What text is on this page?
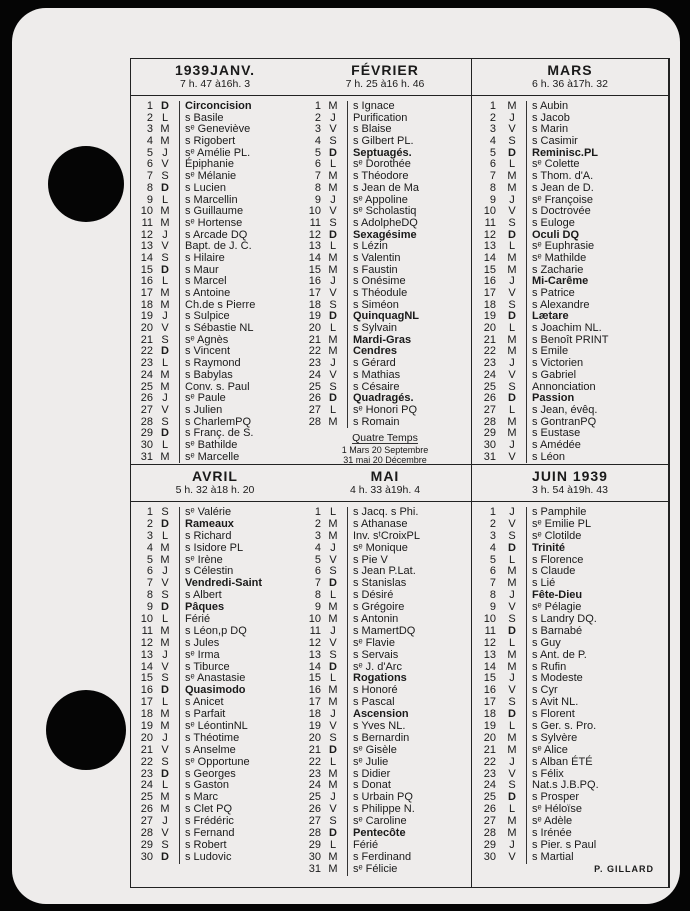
1939JANV.
7 h. 47 à16h. 3
1 D Circoncision
2 L s Basile
3 M sᵉ Geneviève
4 M s Rigobert
5 J sᵉ Amélie PL.
6 V Épiphanie
7 S sᵉ Mélanie
8 D s Lucien
9 L s Marcellin
10 M s Guillaume
11 M sᵉ Hortense
12 J s Arcade DQ
13 V Bapt. de J. C.
14 S s Hilaire
15 D s Maur
16 L s Marcel
17 M s Antoine
18 M Ch.de s Pierre
19 J s Sulpice
20 V s Sébastie NL
21 S sᵉ Agnès
22 D s Vincent
23 L s Raymond
24 M s Babylas
25 M Conv. s. Paul
26 J sᵉ Paule
27 V s Julien
28 S s CharlemPQ
29 D s Franç. de S.
30 L sᵉ Bathilde
31 M sᵉ Marcelle
FÉVRIER
7 h. 25 à16 h. 46
1 M s Ignace
2 J Purification
3 V s Blaise
4 S s Gilbert PL.
5 D Septuagés.
6 L sᵉ Dorothée
7 M s Théodore
8 M s Jean de Ma
9 J sᵉ Appoline
10 V sᵉ Scholastiq
11 S s AdolpheDQ
12 D Sexagésime
13 L s Lézin
14 M s Valentin
15 M s Faustin
16 J s Onésime
17 V s Théodule
18 S s Siméon
19 D QuinquagNL
20 L s Sylvain
21 M Mardi-Gras
22 M Cendres
23 J s Gérard
24 V s Mathias
25 S s Césaire
26 D Quadragés.
27 L sᵉ Honori PQ
28 M s Romain
Quatre Temps
1 Mars 20 Septembre
31 mai 20 Décembre
MARS
6 h. 36 à17h. 32
1 M s Aubin
2 J s Jacob
3 V s Marin
4 S s Casimir
5 D Reminisc.PL
6 L sᵉ Colette
7 M s Thom. d'A.
8 M s Jean de D.
9 J sᵉ Françoise
10 V s Doctrovée
11 S s Euloge
12 D Oculi DQ
13 L sᵉ Euphrasie
14 M sᵉ Mathilde
15 M s Zacharie
16 J Mi-Carême
17 V s Patrice
18 S s Alexandre
19 D Lætare
20 L s Joachim NL.
21 M s Benoît PRINT
22 M s Emile
23 J s Victorien
24 V s Gabriel
25 S Annonciation
26 D Passion
27 L s Jean, évêq.
28 M s GontranPQ
29 M s Eustase
30 J s Amédée
31 V s Léon
AVRIL
5 h. 32 à18 h. 20
1 S sᵉ Valérie
2 D Rameaux
3 L s Richard
4 M s Isidore PL
5 M sᵉ Irène
6 J s Célestin
7 V Vendredi-Saint
8 S s Albert
9 D Pâques
10 L Férié
11 M s Léon,p DQ
12 M s Jules
13 J sᵉ Irma
14 V s Tiburce
15 S sᵉ Anastasie
16 D Quasimodo
17 L s Anicet
18 M s Parfait
19 M sᵉ LéontinNL
20 J s Théotime
21 V s Anselme
22 S sᵉ Opportune
23 D s Georges
24 L s Gaston
25 M s Marc
26 M s Clet PQ
27 J s Frédéric
28 V s Fernand
29 S s Robert
30 D s Ludovic
MAI
4 h. 33 à19h. 4
1 L s Jacq. s Phi.
2 M s Athanase
3 M Inv. sᵗCroixPL
4 J sᵉ Monique
5 V s Pie V
6 S s Jean P.Lat.
7 D s Stanislas
8 L s Désiré
9 M s Grégoire
10 M s Antonin
11 J s MamertDQ
12 V sᵉ Flavie
13 S s Servais
14 D sᵉ J. d'Arc
15 L Rogations
16 M s Honoré
17 M s Pascal
18 J Ascension
19 V s Yves NL.
20 S s Bernardin
21 D sᵉ Gisèle
22 L sᵉ Julie
23 M s Didier
24 M s Donat
25 J s Urbain PQ
26 V s Philippe N.
27 S sᵉ Caroline
28 D Pentecôte
29 L Férié
30 M s Ferdinand
31 M sᵉ Félicie
JUIN 1939
3 h. 54 à19h. 43
1 J s Pamphile
2 V sᵉ Emilie PL
3 S sᵉ Clotilde
4 D Trinité
5 L s Florence
6 M s Claude
7 M s Lié
8 J Fête-Dieu
9 V sᵉ Pélagie
10 S s Landry DQ.
11 D s Barnabé
12 L s Guy
13 M s Ant. de P.
14 M s Rufin
15 J s Modeste
16 V s Cyr
17 S s Avit NL.
18 D s Florent
19 L s Ger. s. Pro.
20 M s Sylvère
21 M sᵉ Alice
22 J s Alban ÉTÉ
23 V s Félix
24 S Nat.s J.B.PQ.
25 D s Prosper
26 L sᵉ Héloïse
27 M sᵉ Adèle
28 M s Irénée
29 J s Pier. s Paul
30 V s Martial
P. GILLARD
